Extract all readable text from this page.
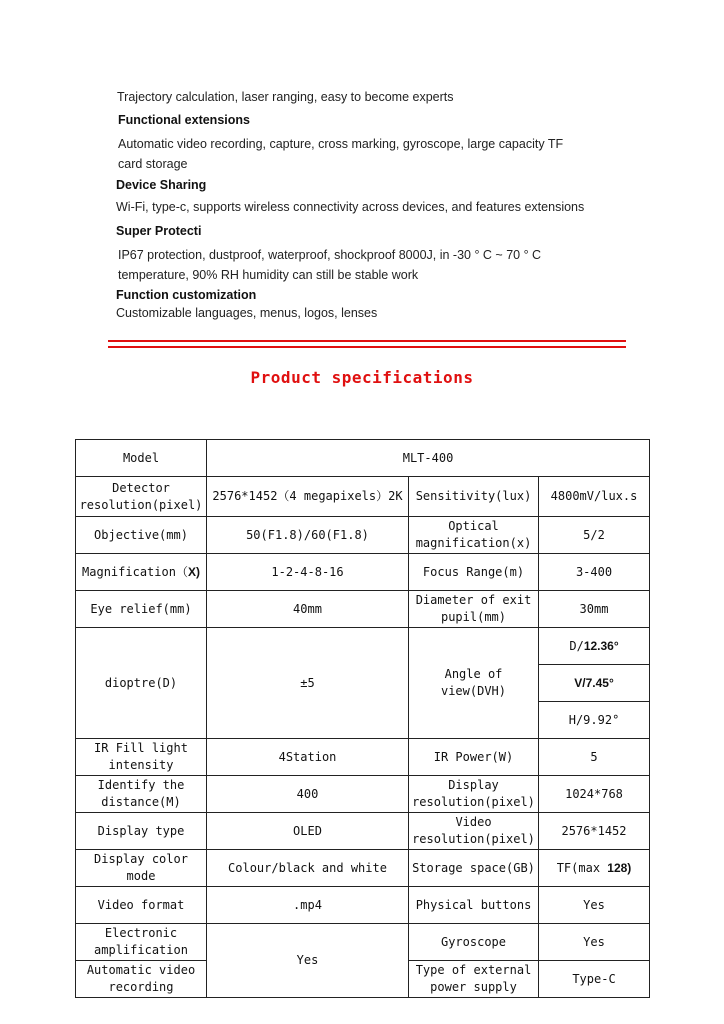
Trajectory calculation, laser ranging, easy to become experts
Functional extensions
Automatic video recording, capture, cross marking, gyroscope, large capacity TF
card storage
Device Sharing
Wi-Fi, type-c, supports wireless connectivity across devices, and features extensions
Super Protecti
IP67 protection, dustproof, waterproof, shockproof 8000J, in -30 ° C ~ 70 ° C
temperature, 90% RH humidity can still be stable work
Function customization
Customizable languages, menus, logos, lenses
Product specifications
Model	MLT-400		
Detector
resolution(pixel)	2576*1452（4 megapixels）2K	Sensitivity(lux)	4800mV/lux.s
Objective(mm)	50(F1.8)/60(F1.8)	Optical
magnification(x)	5/2
Magnification（X)	1-2-4-8-16	Focus Range(m)	3-400
Eye relief(mm)	40mm	Diameter of exit
pupil(mm)	30mm
dioptre(D)	±5	Angle of
view(DVH)	D/12.36°
			V/7.45°
			H/9.92°
IR Fill light
intensity	4Station	IR Power(W)	5
Identify the
distance(M)	400	Display
resolution(pixel)	1024*768
Display type	OLED	Video
resolution(pixel)	2576*1452
Display color
mode	Colour/black and white	Storage space(GB)	TF(max 128)
Video format	.mp4	Physical buttons	Yes
Electronic
amplification	Yes	Gyroscope	Yes
Automatic video
recording		Type of external
power supply	Type-C
